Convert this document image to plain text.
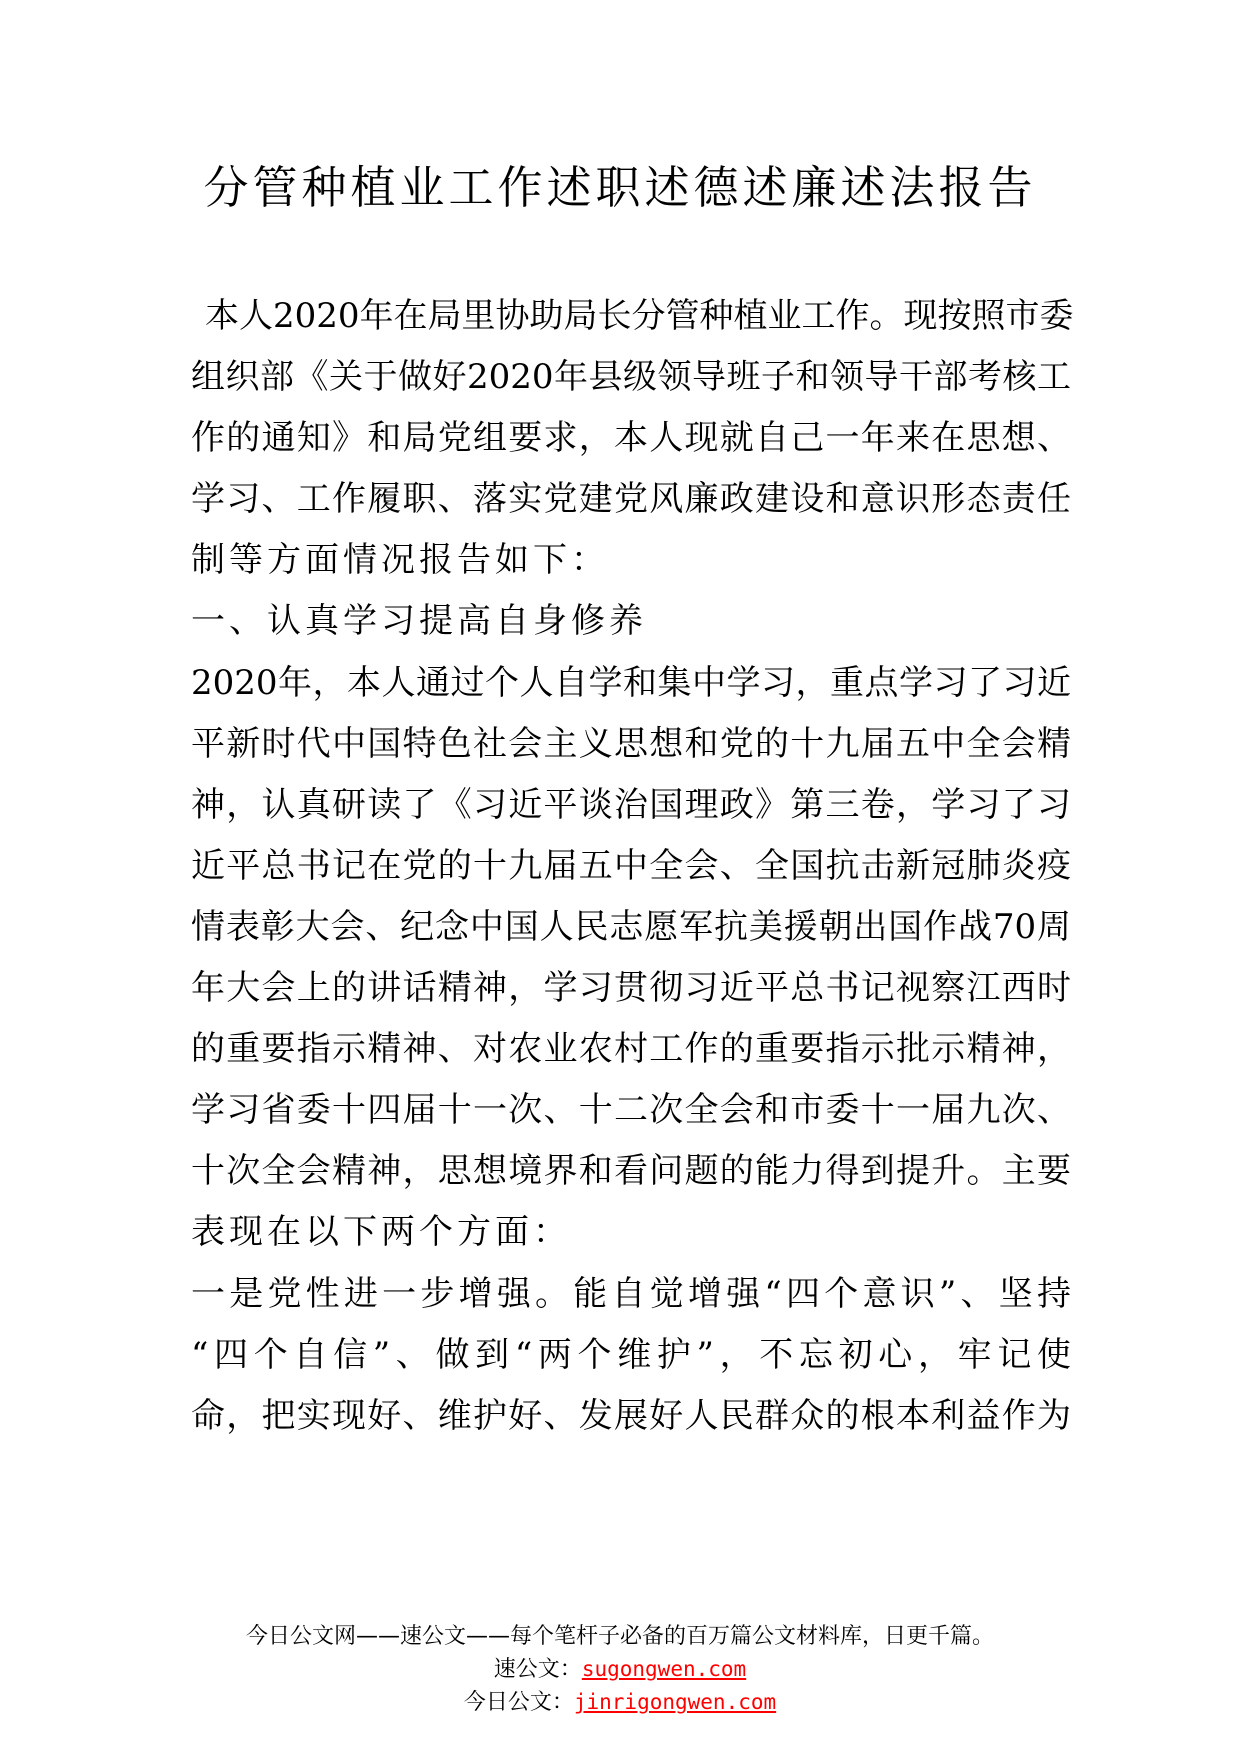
分管种植业工作述职述德述廉述法报告
本人2020年在局里协助局长分管种植业工作。现按照市委
组织部《关于做好2020年县级领导班子和领导干部考核工
作的通知》和局党组要求，本人现就自己一年来在思想、
学习、工作履职、落实党建党风廉政建设和意识形态责任
制等方面情况报告如下：
一、认真学习提高自身修养
2020年，本人通过个人自学和集中学习，重点学习了习近
平新时代中国特色社会主义思想和党的十九届五中全会精
神，认真研读了《习近平谈治国理政》第三卷，学习了习
近平总书记在党的十九届五中全会、全国抗击新冠肺炎疫
情表彰大会、纪念中国人民志愿军抗美援朝出国作战70周
年大会上的讲话精神，学习贯彻习近平总书记视察江西时
的重要指示精神、对农业农村工作的重要指示批示精神，
学习省委十四届十一次、十二次全会和市委十一届九次、
十次全会精神，思想境界和看问题的能力得到提升。主要
表现在以下两个方面：
一是党性进一步增强。能自觉增强“四个意识”、坚持
“四个自信”、做到“两个维护”，不忘初心，牢记使
命，把实现好、维护好、发展好人民群众的根本利益作为
今日公文网——速公文——每个笔杆子必备的百万篇公文材料库，日更千篇。
速公文：sugongwen.com
今日公文：jinrigongwen.com
